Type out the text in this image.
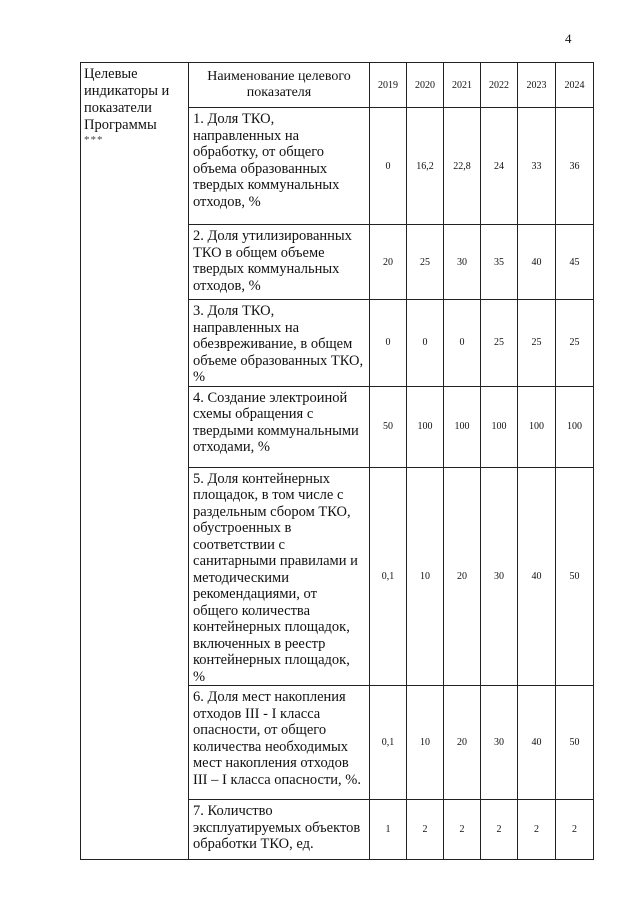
4
Целевые
индикаторы и
показатели
Программы
***	Наименование целевого показателя	2019	2020	2021	2022	2023	2024
	1. Доля ТКО, направленных на обработку, от общего объема образованных твердых коммунальных отходов, %	0	16,2	22,8	24	33	36
	2. Доля утилизированных ТКО в общем объеме твердых коммунальных отходов, %	20	25	30	35	40	45
	3. Доля ТКО, направленных на обезвреживание, в общем объеме образованных ТКО, %	0	0	0	25	25	25
	4. Создание электроиной схемы обращения с твердыми коммунальными отходами, %	50	100	100	100	100	100
	5. Доля контейнерных площадок, в том числе с раздельным сбором ТКО, обустроенных в соответствии с санитарными правилами и методическими рекомендациями, от общего количества контейнерных площадок, включенных в реестр контейнерных площадок, %	0,1	10	20	30	40	50
	6. Доля мест накопления отходов III - I класса опасности, от общего количества необходимых мест накопления отходов III – I класса опасности, %.	0,1	10	20	30	40	50
	7. Количство эксплуатируемых объектов обработки ТКО, ед.	1	2	2	2	2	2
